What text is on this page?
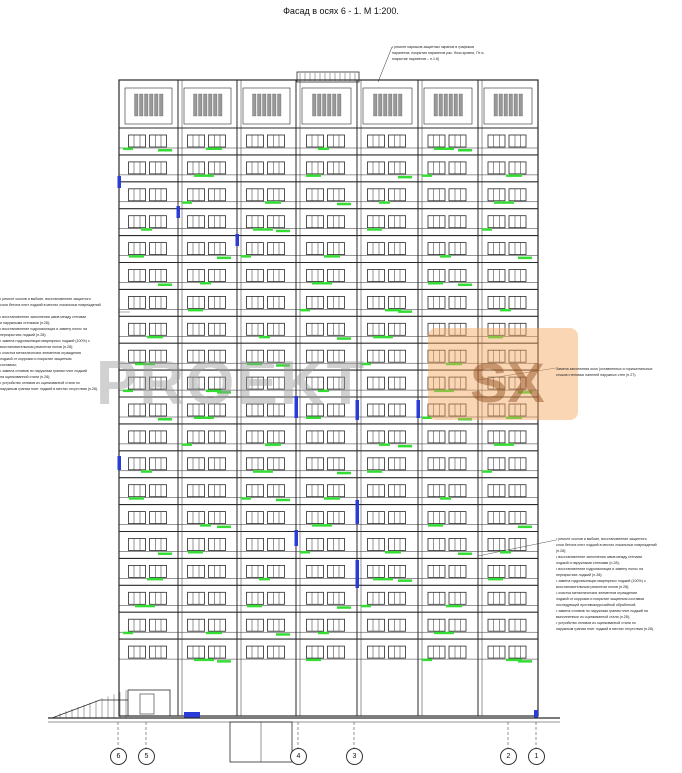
Фасад в осях 6 - 1. М 1:200.
PROEKT SX
• ремонт каркасов защитных экранов в графиков
парапетов, покрытия парапетов рас. блок кровли, Пт и-
покрытие парапетов – п.1.6)
• ремонт сколов и выбоин, восстановление защитного
слоя бетона плит лоджий в местах локальных повреждений

• восстановление заполнения швов между стенами
и наружными стенками (п.28);
• восстановление гидроизоляции и замену полос на
перекрытиях лоджий (п.28);
• замена гидроизоляции квартирных лоджий (100%) с
восстановительным ремонтом полов (п.28);
• очистка металлических элементов ограждения
лоджий от коррозии и покрытие защитным
составом;
• замена отливов по наружным граням плит лоджий
на оцинкованной стали (п.28);
• устройство отливов из оцинкованной стали по
наружным граням плит лоджий в местах отсутствия (п.28).
Замена заполнения окон (оставленных и горизонтальных
стыков стеновых панелей наружных стен (п.27).
• ремонт сколов и выбоин, восстановление защитного
слоя бетона плит лоджий в местах локальных повреждений
(п.28);
• восстановление заполнения швов между стенами
лоджий и наружными стенками (п.28);
• восстановление гидроизоляции и замену полос на
перекрытиях лоджий (п.28);
• замена гидроизоляции квартирных лоджий (100%) с
восстановительным ремонтом полов (п.28);
• очистка металлических элементов ограждения
лоджий от коррозии и покрытие защитным составом
последующей противокоррозийной обработкой;
• замена отливов по наружным граням плит лоджий на
выполненные из оцинкованной стали (п.28);
• устройство отливов из оцинкованной стали по
наружным граням плит лоджий в местах отсутствия (п.28).
6	5	4	3	2	1
